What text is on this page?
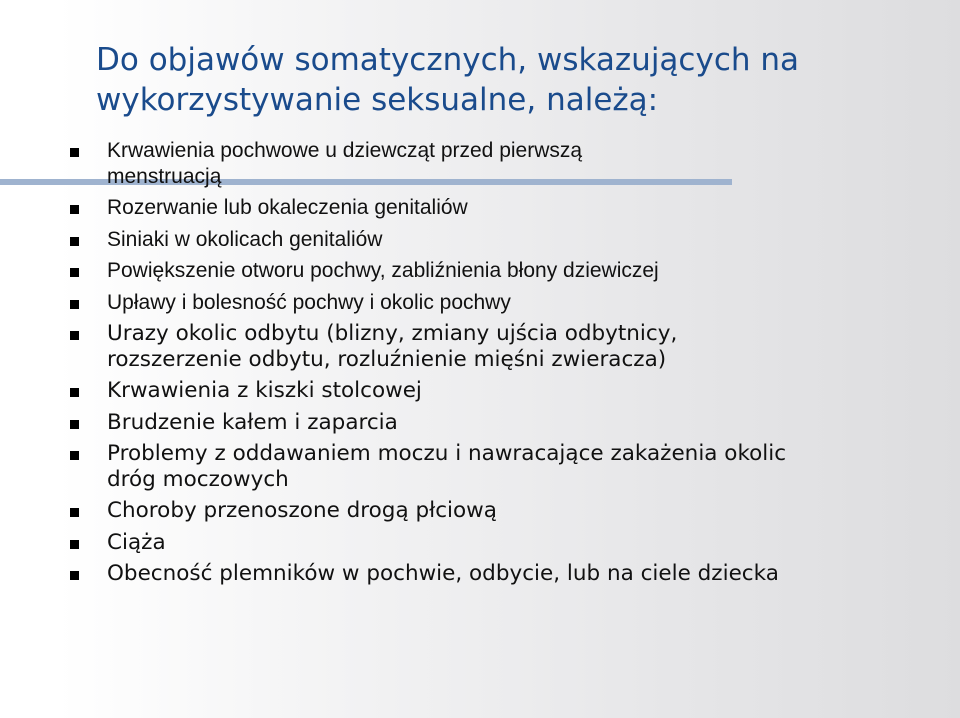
Do objawów somatycznych, wskazujących na
wykorzystywanie seksualne, należą:
Krwawienia pochwowe u dziewcząt przed pierwszą
menstruacją
Rozerwanie lub okaleczenia genitaliów
Siniaki w okolicach genitaliów
Powiększenie otworu pochwy, zabliźnienia błony dziewiczej
Upławy i bolesność pochwy i okolic pochwy
Urazy okolic odbytu (blizny, zmiany ujścia odbytnicy,
rozszerzenie odbytu, rozluźnienie mięśni zwieracza)
Krwawienia z kiszki stolcowej
Brudzenie kałem i zaparcia
Problemy z oddawaniem moczu i nawracające zakażenia okolic
dróg moczowych
Choroby przenoszone drogą płciową
Ciąża
Obecność plemników w pochwie, odbycie, lub na ciele dziecka
